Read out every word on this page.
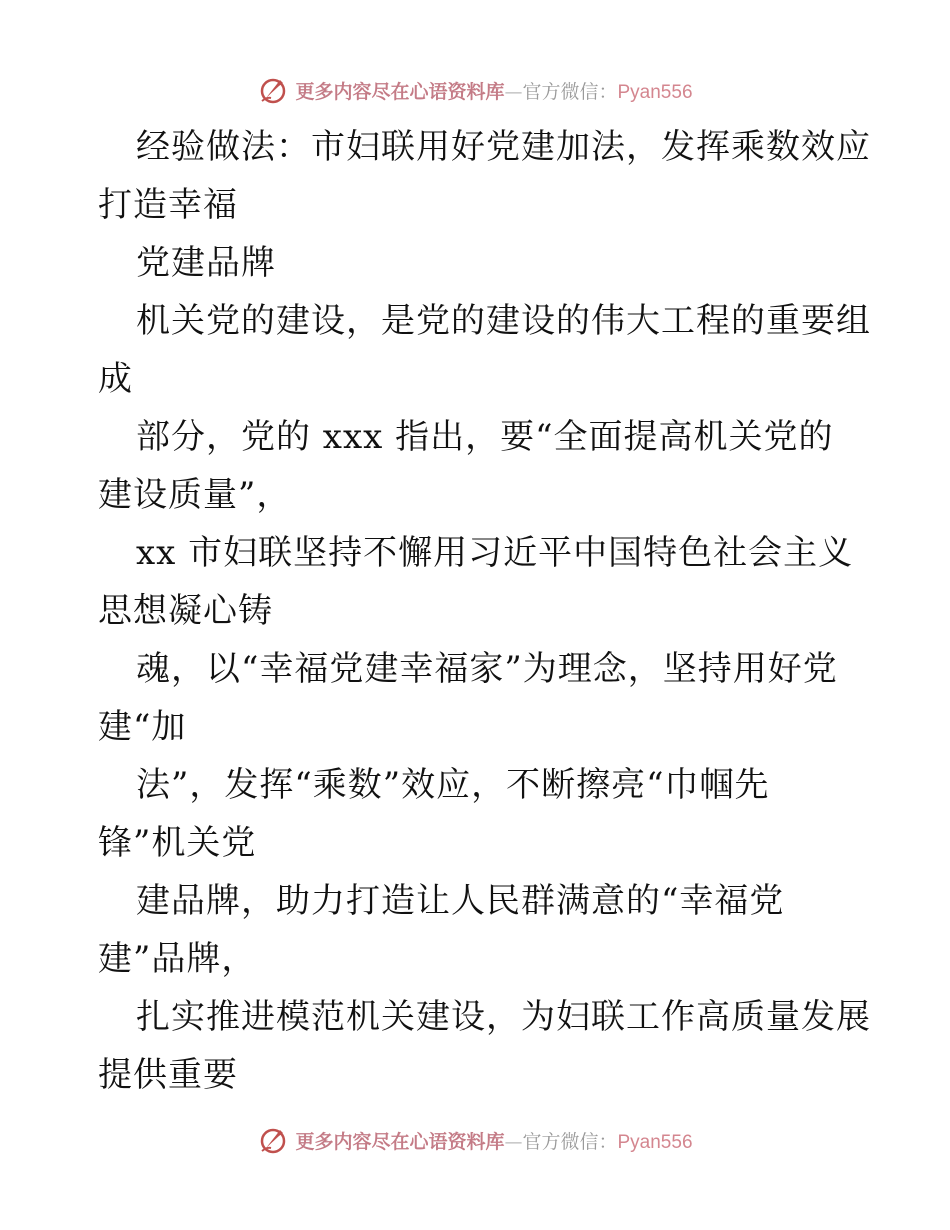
更多内容尽在心语资料库 — 官方微信： Pyan556
经验做法：市妇联用好党建加法，发挥乘数效应
打造幸福
党建品牌
机关党的建设，是党的建设的伟大工程的重要组
成
部分，党的 xxx 指出，要“全面提高机关党的
建设质量”，
xx 市妇联坚持不懈用习近平中国特色社会主义
思想凝心铸
魂，以“幸福党建幸福家”为理念，坚持用好党
建“加
法”，发挥“乘数”效应，不断擦亮“巾帼先
锋”机关党
建品牌，助力打造让人民群满意的“幸福党
建”品牌，
扎实推进模范机关建设，为妇联工作高质量发展
提供重要
更多内容尽在心语资料库 — 官方微信： Pyan556
